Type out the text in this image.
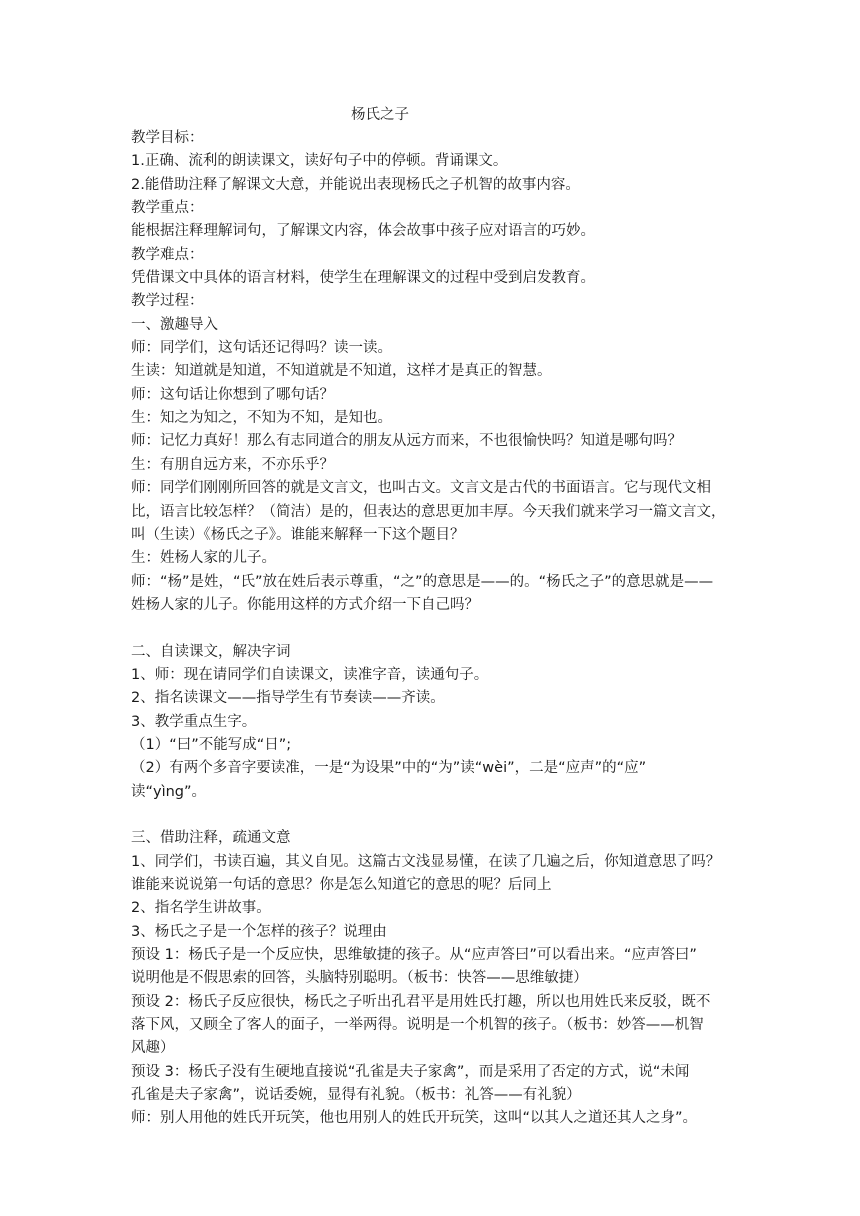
杨氏之子
教学目标：
1.正确、流利的朗读课文，读好句子中的停顿。背诵课文。
2.能借助注释了解课文大意，并能说出表现杨氏之子机智的故事内容。
教学重点：
能根据注释理解词句，了解课文内容，体会故事中孩子应对语言的巧妙。
教学难点：
凭借课文中具体的语言材料，使学生在理解课文的过程中受到启发教育。
教学过程：
一、激趣导入
师：同学们，这句话还记得吗？读一读。
生读：知道就是知道，不知道就是不知道，这样才是真正的智慧。
师：这句话让你想到了哪句话？
生：知之为知之，不知为不知，是知也。
师：记忆力真好！那么有志同道合的朋友从远方而来，不也很愉快吗？知道是哪句吗？
生：有朋自远方来，不亦乐乎？
师：同学们刚刚所回答的就是文言文，也叫古文。文言文是古代的书面语言。它与现代文相
比，语言比较怎样？（简洁）是的，但表达的意思更加丰厚。今天我们就来学习一篇文言文，
叫（生读）《杨氏之子》。谁能来解释一下这个题目？
生：姓杨人家的儿子。
师：“杨”是姓，“氏”放在姓后表示尊重，“之”的意思是——的。“杨氏之子”的意思就是——
姓杨人家的儿子。你能用这样的方式介绍一下自己吗？
二、自读课文，解决字词
1、师：现在请同学们自读课文，读准字音，读通句子。
2、指名读课文——指导学生有节奏读——齐读。
3、教学重点生字。
（1）“曰”不能写成“日”;
（2）有两个多音字要读准，一是“为设果”中的“为”读“wèi”，二是“应声”的“应”
读“yìng”。
三、借助注释，疏通文意
1、同学们，书读百遍，其义自见。这篇古文浅显易懂，在读了几遍之后，你知道意思了吗？
谁能来说说第一句话的意思？你是怎么知道它的意思的呢？后同上
2、指名学生讲故事。
3、杨氏之子是一个怎样的孩子？说理由
预设 1：杨氏子是一个反应快，思维敏捷的孩子。从“应声答曰”可以看出来。“应声答曰”
说明他是不假思索的回答，头脑特别聪明。（板书：快答——思维敏捷）
预设 2：杨氏子反应很快，杨氏之子听出孔君平是用姓氏打趣，所以也用姓氏来反驳，既不
落下风，又顾全了客人的面子，一举两得。说明是一个机智的孩子。（板书：妙答——机智
风趣）
预设 3：杨氏子没有生硬地直接说“孔雀是夫子家禽”，而是采用了否定的方式，说“未闻
孔雀是夫子家禽”，说话委婉，显得有礼貌。（板书：礼答——有礼貌）
师：别人用他的姓氏开玩笑，他也用别人的姓氏开玩笑，这叫“以其人之道还其人之身”。
